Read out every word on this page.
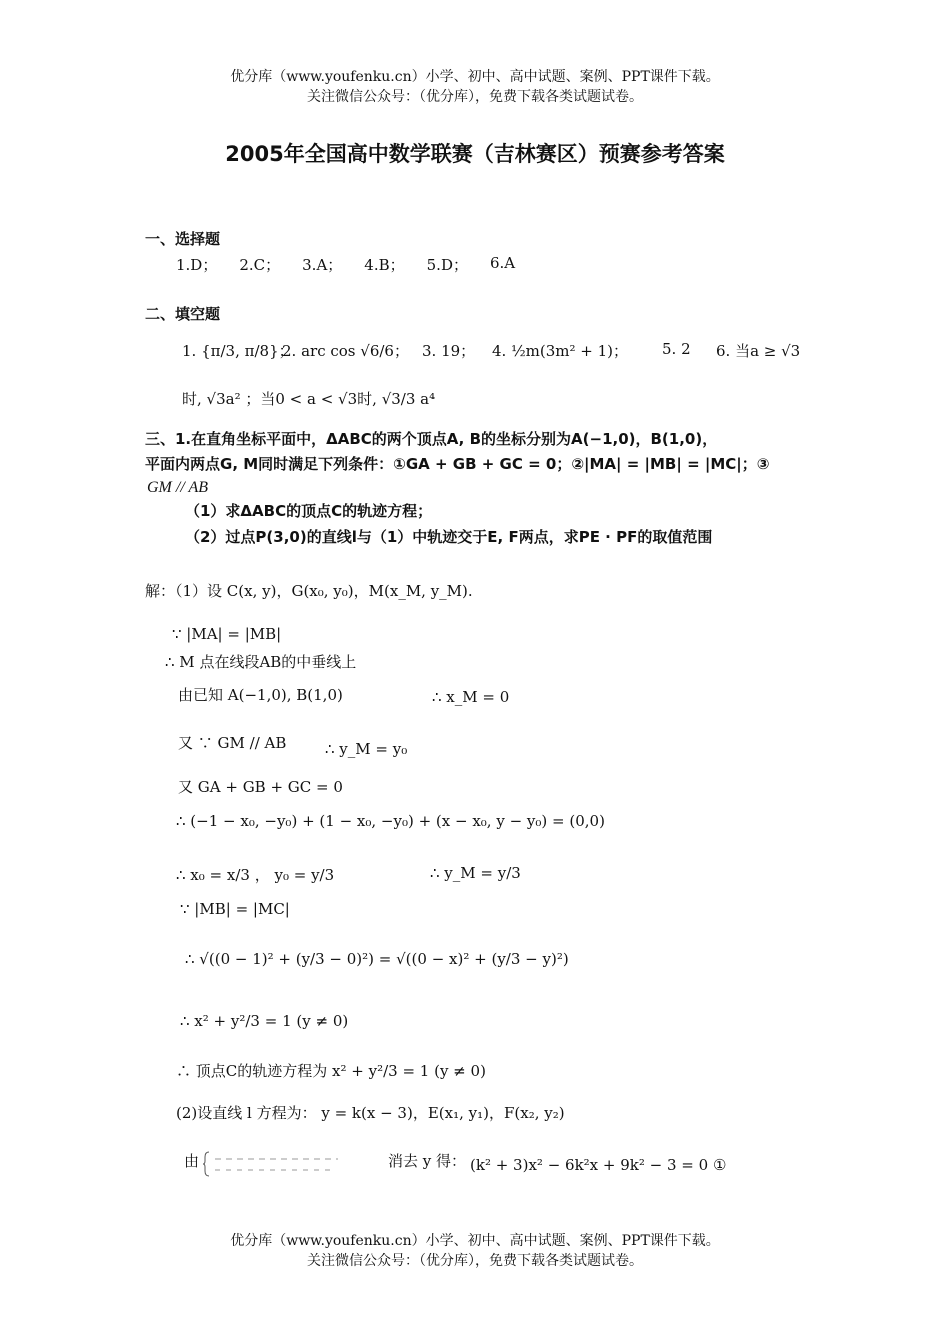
优分库（www.youfenku.cn）小学、初中、高中试题、案例、PPT课件下载。
关注微信公众号：（优分库），免费下载各类试题试卷。
2005年全国高中数学联赛（吉林赛区）预赛参考答案
一、选择题
1.D； 2.C； 3.A； 4.B； 5.D； 6.A
二、填空题
1. {π/3, π/8}；
2. arc cos √6/6； 3. 19； 4. ½m(3m² + 1)； 5. 2 6. 当a ≥ √3
时, √3a² ；当0 < a < √3时, √3/3 a⁴
三、1.在直角坐标平面中，ΔABC的两个顶点A, B的坐标分别为A(−1,0)，B(1,0)，
平面内两点G, M同时满足下列条件：①GA + GB + GC = 0；②|MA| = |MB| = |MC|；③
GM // AB
（1）求ΔABC的顶点C的轨迹方程；
（2）过点P(3,0)的直线l与（1）中轨迹交于E, F两点，求PE · PF的取值范围
解：（1）设 C(x, y)，G(x₀, y₀)，M(x_M, y_M).
∵ |MA| = |MB|
∴ M 点在线段AB的中垂线上
由已知 A(−1,0), B(1,0)	∴ x_M = 0
又 ∵ GM // AB	∴ y_M = y₀
又 GA + GB + GC = 0
∴ (−1 − x₀, −y₀) + (1 − x₀, −y₀) + (x − x₀, y − y₀) = (0,0)
∴ x₀ = x/3 ， y₀ = y/3	∴ y_M = y/3
∵ |MB| = |MC|
∴ √((0 − 1)² + (y/3 − 0)²) = √((0 − x)² + (y/3 − y)²)
∴ x² + y²/3 = 1 (y ≠ 0)
∴ 顶点C的轨迹方程为 x² + y²/3 = 1 (y ≠ 0)
(2)设直线 l 方程为： y = k(x − 3)，E(x₁, y₁)，F(x₂, y₂)
由	消去 y 得： (k² + 3)x² − 6k²x + 9k² − 3 = 0 ①
优分库（www.youfenku.cn）小学、初中、高中试题、案例、PPT课件下载。
关注微信公众号：（优分库），免费下载各类试题试卷。
